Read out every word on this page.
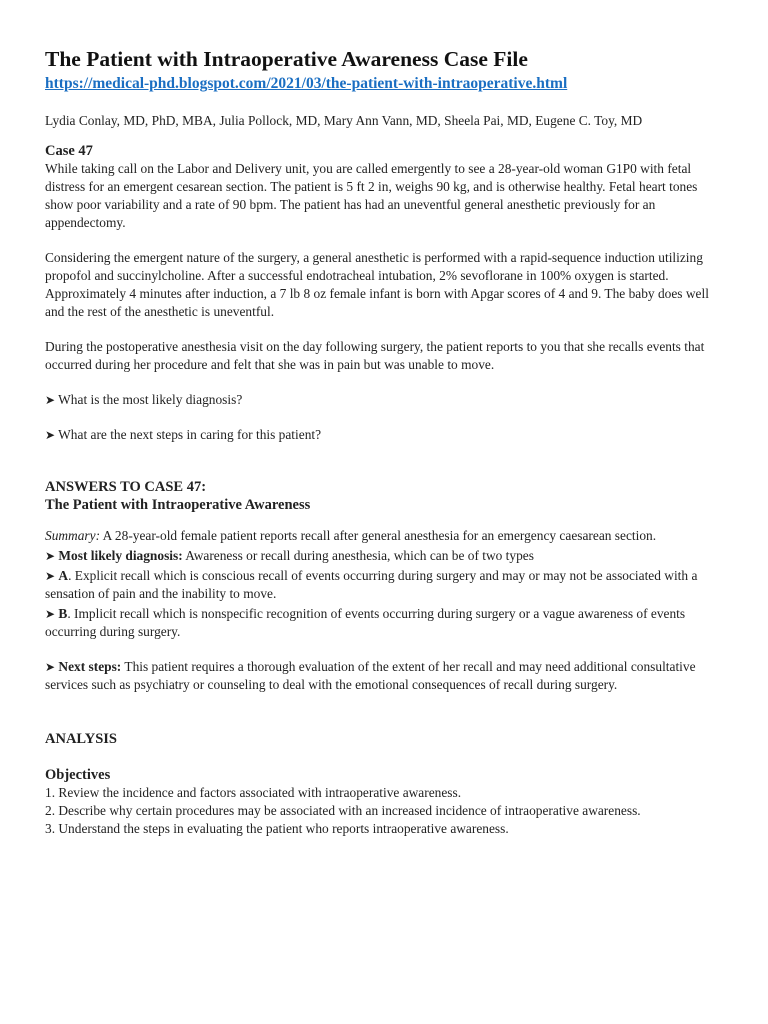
The Patient with Intraoperative Awareness Case File
https://medical-phd.blogspot.com/2021/03/the-patient-with-intraoperative.html

Lydia Conlay, MD, PhD, MBA, Julia Pollock, MD, Mary Ann Vann, MD, Sheela Pai, MD, Eugene C. Toy, MD

Case 47

While taking call on the Labor and Delivery unit, you are called emergently to see a 28-year-old woman G1P0 with fetal distress for an emergent cesarean section. The patient is 5 ft 2 in, weighs 90 kg, and is otherwise healthy. Fetal heart tones show poor variability and a rate of 90 bpm. The patient has had an uneventful general anesthetic previously for an appendectomy.

Considering the emergent nature of the surgery, a general anesthetic is performed with a rapid-sequence induction utilizing propofol and succinylcholine. After a successful endotracheal intubation, 2% sevoflorane in 100% oxygen is started. Approximately 4 minutes after induction, a 7 lb 8 oz female infant is born with Apgar scores of 4 and 9. The baby does well and the rest of the anesthetic is uneventful.

During the postoperative anesthesia visit on the day following surgery, the patient reports to you that she recalls events that occurred during her procedure and felt that she was in pain but was unable to move.

➤ What is the most likely diagnosis?

➤ What are the next steps in caring for this patient?

ANSWERS TO CASE 47:
The Patient with Intraoperative Awareness

Summary: A 28-year-old female patient reports recall after general anesthesia for an emergency caesarean section.

➤ Most likely diagnosis: Awareness or recall during anesthesia, which can be of two types

➤ A. Explicit recall which is conscious recall of events occurring during surgery and may or may not be associated with a sensation of pain and the inability to move.

➤ B. Implicit recall which is nonspecific recognition of events occurring during surgery or a vague awareness of events occurring during surgery.

➤ Next steps: This patient requires a thorough evaluation of the extent of her recall and may need additional consultative services such as psychiatry or counseling to deal with the emotional consequences of recall during surgery.

ANALYSIS
Objectives
1. Review the incidence and factors associated with intraoperative awareness.
2. Describe why certain procedures may be associated with an increased incidence of intraoperative awareness.
3. Understand the steps in evaluating the patient who reports intraoperative awareness.
